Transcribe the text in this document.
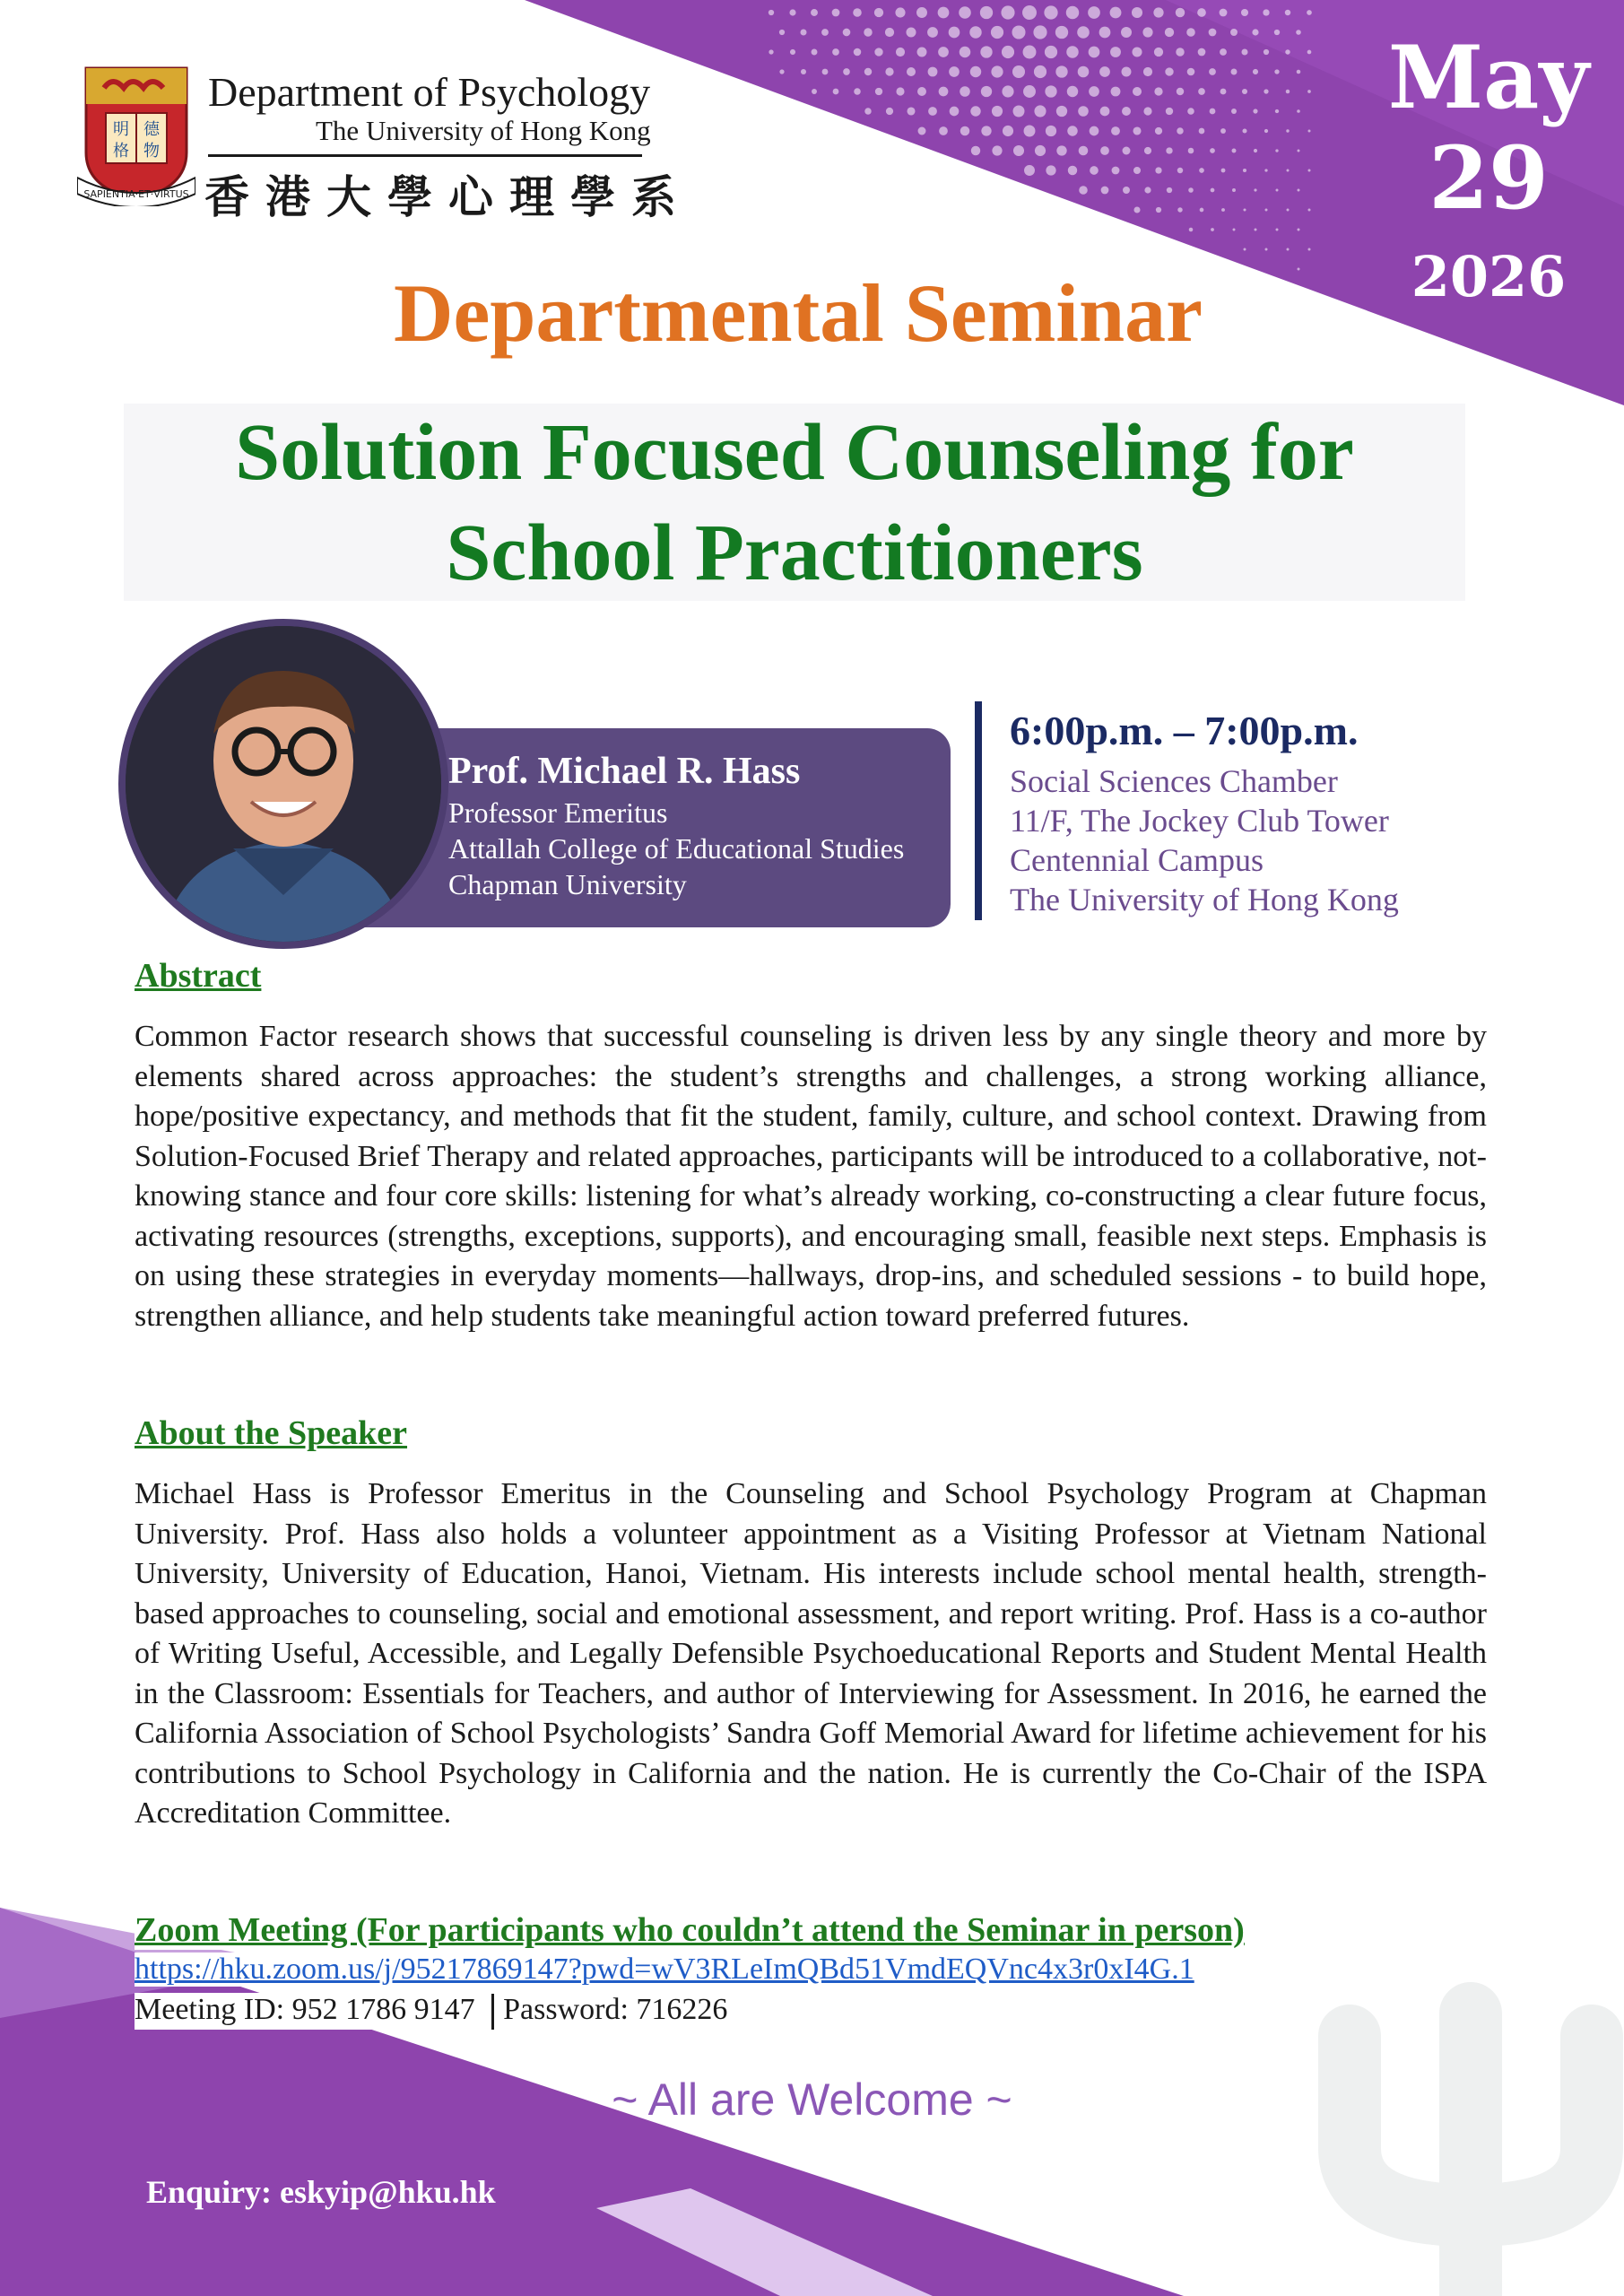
May
29
2026
明 德
格 物
SAPIENTIA·ET·VIRTUS
Department of Psychology
The University of Hong Kong
香港大學心理學系
Departmental Seminar
Solution Focused Counseling for
School Practitioners
Prof. Michael R. Hass
Professor Emeritus
Attallah College of Educational Studies
Chapman University
6:00p.m. – 7:00p.m.
Social Sciences Chamber
11/F, The Jockey Club Tower
Centennial Campus
The University of Hong Kong
Abstract
Common Factor research shows that successful counseling is driven less by any single theory and more by elements shared across approaches: the student’s strengths and challenges, a strong working alliance, hope/positive expectancy, and methods that fit the student, family, culture, and school context. Drawing from Solution-Focused Brief Therapy and related approaches, participants will be introduced to a collaborative, not-knowing stance and four core skills: listening for what’s already working, co-constructing a clear future focus, activating resources (strengths, exceptions, supports), and encouraging small, feasible next steps. Emphasis is on using these strategies in everyday moments—hallways, drop-ins, and scheduled sessions - to build hope, strengthen alliance, and help students take meaningful action toward preferred futures.
About the Speaker
Michael Hass is Professor Emeritus in the Counseling and School Psychology Program at Chapman University. Prof. Hass also holds a volunteer appointment as a Visiting Professor at Vietnam National University, University of Education, Hanoi, Vietnam. His interests include school mental health, strength-based approaches to counseling, social and emotional assessment, and report writing. Prof. Hass is a co-author of Writing Useful, Accessible, and Legally Defensible Psychoeducational Reports and Student Mental Health in the Classroom: Essentials for Teachers, and author of Interviewing for Assessment. In 2016, he earned the California Association of School Psychologists’ Sandra Goff Memorial Award for lifetime achievement for his contributions to School Psychology in California and the nation. He is currently the Co-Chair of the ISPA Accreditation Committee.
Zoom Meeting (For participants who couldn’t attend the Seminar in person)
https://hku.zoom.us/j/95217869147?pwd=wV3RLeImQBd51VmdEQVnc4x3r0xI4G.1
Meeting ID: 952 1786 9147 Password: 716226
~ All are Welcome ~
Enquiry: eskyip@hku.hk
